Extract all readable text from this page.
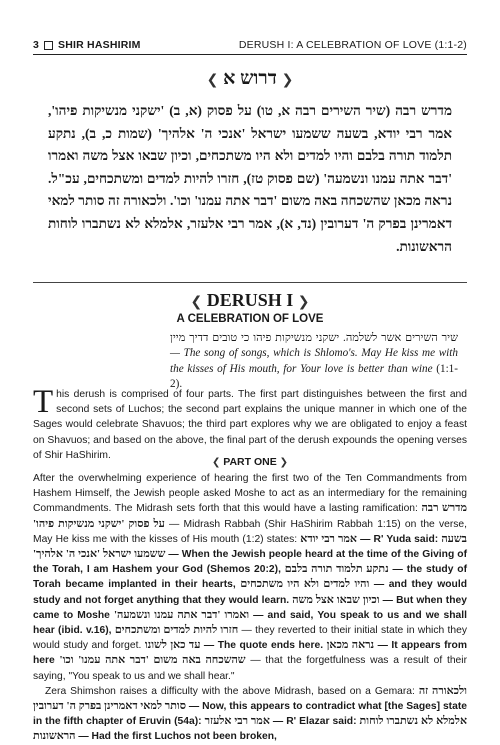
3 SHIR HASHIRIM	DERUSH I: A CELEBRATION OF LOVE (1:1-2)
❮ דרוש א ❯
מדרש רבה (שיר השירים רבה א, טו) על פסוק (א, ב) 'ישקני מנשיקות פיהו', אמר רבי יודא, בשעה ששמעו ישראל 'אנכי ה' אלהיך' (שמות כ, ב), נתקע תלמוד תורה בלבם והיו למדים ולא היו משתכחים, וכיון שבאו אצל משה ואמרו 'דבר אתה עמנו ונשמעה' (שם פסוק טז), חזרו להיות למדים ומשתכחים, עכ"ל. נראה מכאן שהשכחה באה משום 'דבר אתה עמנו' וכו'. ולכאורה זה סותר למאי דאמרינן בפרק ה' דערובין (נד, א), אמר רבי אלעזר, אלמלא לא נשתברו לוחות הראשונות.
❮ DERUSH I ❯
A CELEBRATION OF LOVE
שיר השירים אשר לשלמה. ישקני מנשיקות פיהו כי טובים דדיך מיין — The song of songs, which is Shlomo's. May He kiss me with the kisses of His mouth, for Your love is better than wine (1:1-2).
This derush is comprised of four parts. The first part distinguishes between the first and second sets of Luchos; the second part explains the unique manner in which one of the Sages would celebrate Shavuos; the third part explores why we are obligated to enjoy a feast on Shavuos; and based on the above, the final part of the derush expounds the opening verses of Shir HaShirim.
❮ PART ONE ❯
After the overwhelming experience of hearing the first two of the Ten Commandments from Hashem Himself, the Jewish people asked Moshe to act as an intermediary for the remaining Commandments. The Midrash sets forth that this would have a lasting ramification: מדרש רבה על פסוק 'ישקני מנשיקות פיהו' — Midrash Rabbah (Shir HaShirim Rabbah 1:15) on the verse, May He kiss me with the kisses of His mouth (1:2) states: אמר רבי יודא — R' Yuda said: בשעה ששמעו ישראל 'אנכי ה' אלהיך' — When the Jewish people heard at the time of the Giving of the Torah, I am Hashem your God (Shemos 20:2), נתקע תלמוד תורה בלבם — the study of Torah became implanted in their hearts, והיו למדים ולא היו משתכחים — and they would study and not forget anything that they would learn. וכיון שבאו אצל משה — But when they came to Moshe ואמרו 'דבר אתה עמנו ונשמעה' — and said, You speak to us and we shall hear (ibid. v.16), חזרו להיות למדים ומשתכחים — they reverted to their initial state in which they would study and forget. עד כאן לשונו — The quote ends here. נראה מכאן — It appears from here שהשכחה באה משום 'דבר אתה עמנו' וכו' — that the forgetfulness was a result of their saying, "You speak to us and we shall hear."
Zera Shimshon raises a difficulty with the above Midrash, based on a Gemara: ולכאורה זה סותר למאי דאמרינן בפרק ה' דערובין — Now, this appears to contradict what [the Sages] state in the fifth chapter of Eruvin (54a): אמר רבי אלעזר — R' Elazar said: אלמלא לא נשתברו לוחות הראשונות — Had the first Luchos not been broken,
